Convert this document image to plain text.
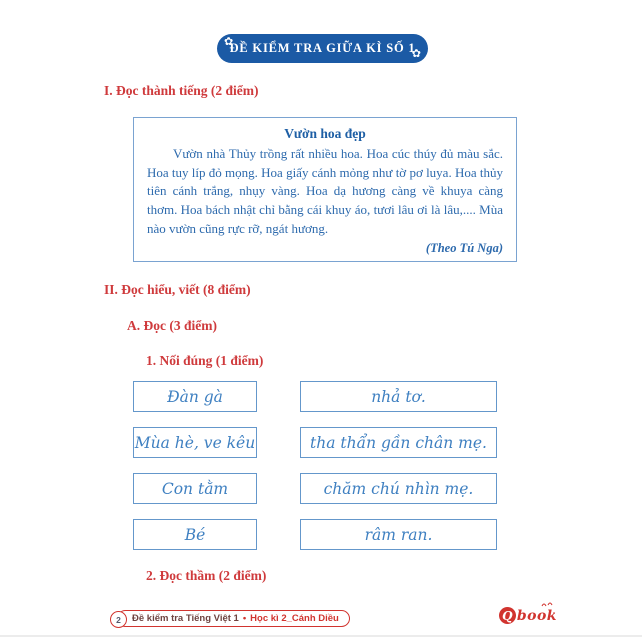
✿
ĐỀ KIỂM TRA GIỮA KÌ SỐ 1
✿
I. Đọc thành tiếng (2 điểm)
Vườn hoa đẹp

Vườn nhà Thủy trồng rất nhiều hoa. Hoa cúc thúy đủ màu sắc. Hoa tuy líp đỏ mọng. Hoa giấy cánh mỏng như tờ pơ luya. Hoa thủy tiên cánh trắng, nhụy vàng. Hoa dạ hương càng về khuya càng thơm. Hoa bách nhật chỉ bằng cái khuy áo, tươi lâu ơi là lâu,.... Mùa nào vườn cũng rực rỡ, ngát hương.

(Theo Tú Nga)
II. Đọc hiểu, viết (8 điểm)
A. Đọc (3 điểm)
1. Nối đúng (1 điểm)
Đàn gà	nhả tơ.
Mùa hè, ve kêu	tha thẩn gần chân mẹ.
Con tằm	chăm chú nhìn mẹ.
Bé	râm ran.
2. Đọc thầm (2 điểm)
2	Đề kiểm tra Tiếng Việt 1 • Học kì 2_Cánh Diều	Q book
